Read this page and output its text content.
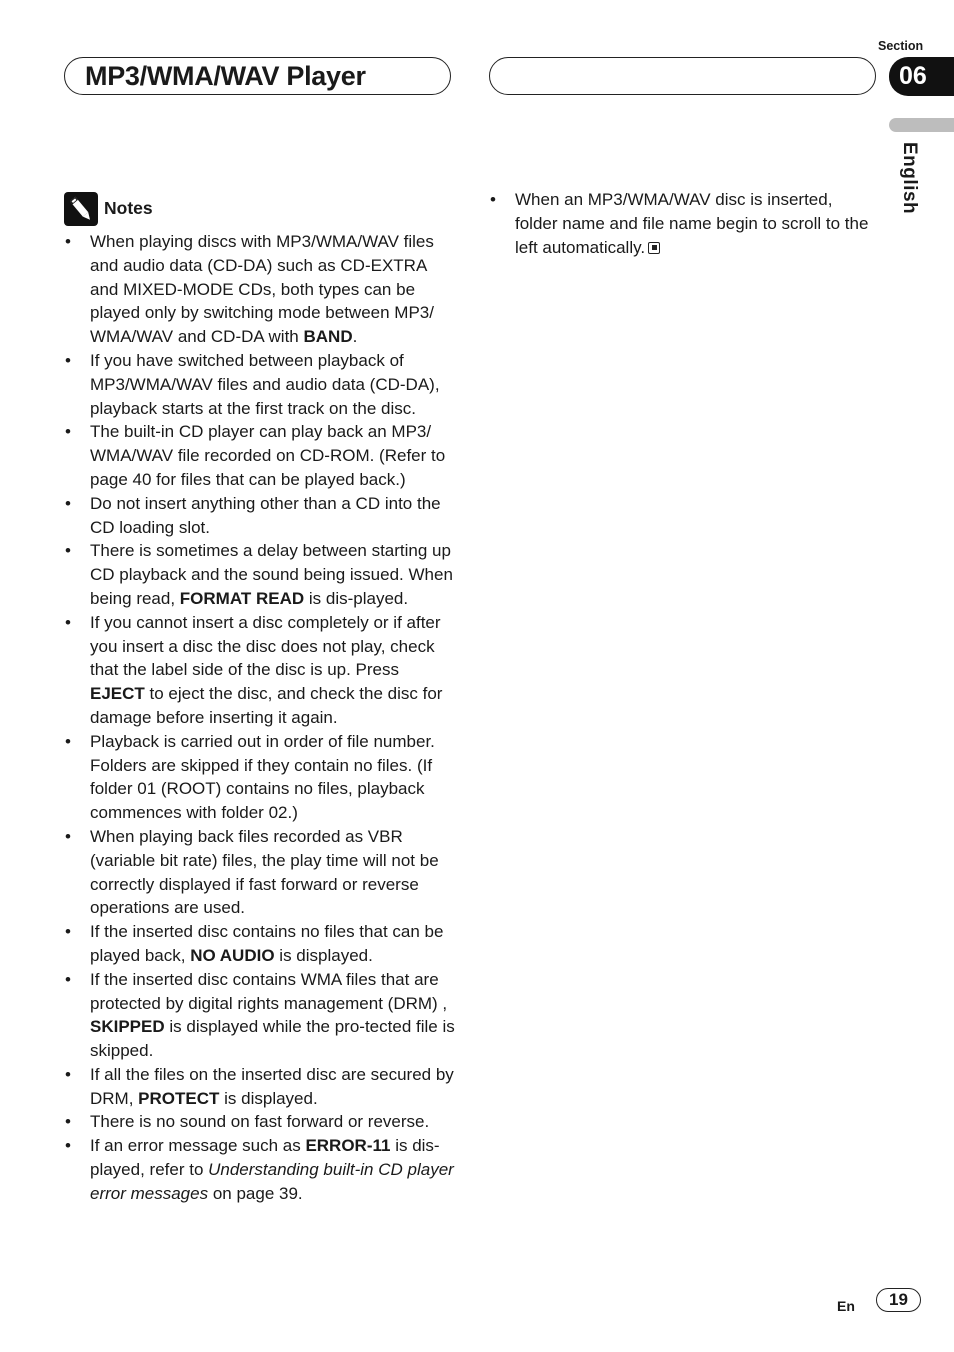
MP3/WMA/WAV Player
Section
06
English
Notes
• When playing discs with MP3/WMA/WAV files and audio data (CD-DA) such as CD-EXTRA and MIXED-MODE CDs, both types can be played only by switching mode between MP3/ WMA/WAV and CD-DA with BAND.
• If you have switched between playback of MP3/WMA/WAV files and audio data (CD-DA), playback starts at the first track on the disc.
• The built-in CD player can play back an MP3/ WMA/WAV file recorded on CD-ROM. (Refer to page 40 for files that can be played back.)
• Do not insert anything other than a CD into the CD loading slot.
• There is sometimes a delay between starting up CD playback and the sound being issued. When being read, FORMAT READ is dis-played.
• If you cannot insert a disc completely or if after you insert a disc the disc does not play, check that the label side of the disc is up. Press EJECT to eject the disc, and check the disc for damage before inserting it again.
• Playback is carried out in order of file number. Folders are skipped if they contain no files. (If folder 01 (ROOT) contains no files, playback commences with folder 02.)
• When playing back files recorded as VBR (variable bit rate) files, the play time will not be correctly displayed if fast forward or reverse operations are used.
• If the inserted disc contains no files that can be played back, NO AUDIO is displayed.
• If the inserted disc contains WMA files that are protected by digital rights management (DRM) , SKIPPED is displayed while the pro-tected file is skipped.
• If all the files on the inserted disc are secured by DRM, PROTECT is displayed.
• There is no sound on fast forward or reverse.
• If an error message such as ERROR-11 is dis-played, refer to Understanding built-in CD player error messages on page 39.
• When an MP3/WMA/WAV disc is inserted, folder name and file name begin to scroll to the left automatically.
En	19
